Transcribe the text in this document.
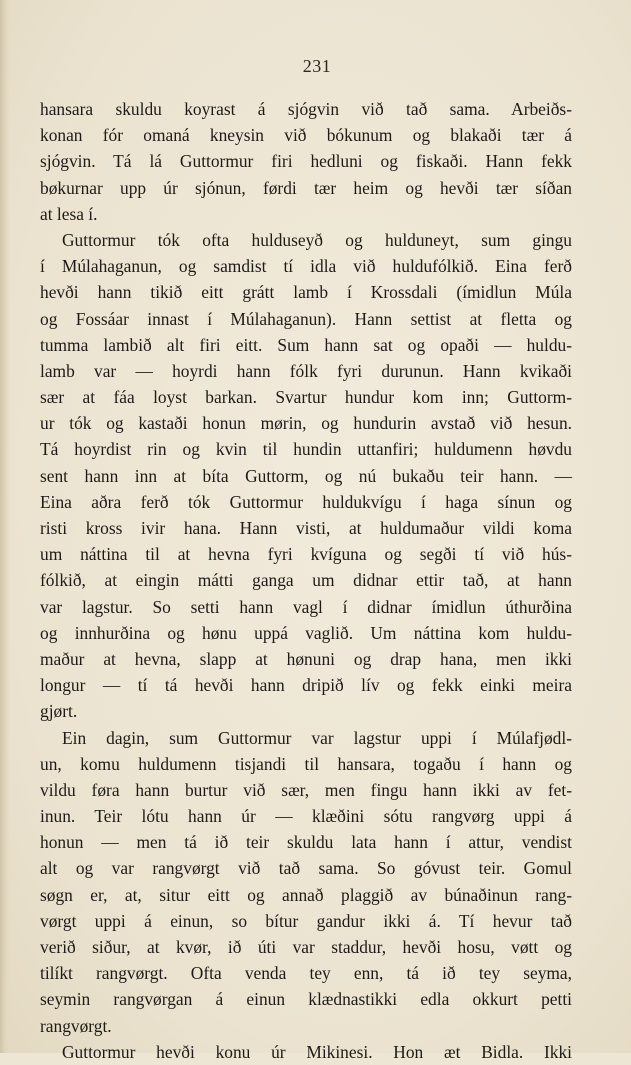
231
hansara skuldu koyrast á sjógvin við tað sama. Arbeiðs-
konan fór omaná kneysin við bókunum og blakaði tær á
sjógvin. Tá lá Guttormur firi hedluni og fiskaði. Hann fekk
bøkurnar upp úr sjónun, førdi tær heim og hevði tær síðan
at lesa í.
Guttormur tók ofta hulduseyð og hulduneyt, sum gingu
í Múlahaganun, og samdist tí idla við huldufólkið. Eina ferð
hevði hann tikið eitt grátt lamb í Krossdali (ímidlun Múla
og Fossáar innast í Múlahaganun). Hann settist at fletta og
tumma lambið alt firi eitt. Sum hann sat og opaði — huldu-
lamb var — hoyrdi hann fólk fyri durunun. Hann kvikaði
sær at fáa loyst barkan. Svartur hundur kom inn; Guttorm-
ur tók og kastaði honun mørin, og hundurin avstað við hesun.
Tá hoyrdist rin og kvin til hundin uttanfiri; huldumenn høvdu
sent hann inn at bíta Guttorm, og nú bukaðu teir hann. —
Eina aðra ferð tók Guttormur huldukvígu í haga sínun og
risti kross ivir hana. Hann visti, at huldumaður vildi koma
um náttina til at hevna fyri kvíguna og segði tí við hús-
fólkið, at eingin mátti ganga um didnar ettir tað, at hann
var lagstur. So setti hann vagl í didnar ímidlun úthurðina
og innhurðina og hønu uppá vaglið. Um náttina kom huldu-
maður at hevna, slapp at hønuni og drap hana, men ikki
longur — tí tá hevði hann dripið lív og fekk einki meira
gjørt.
Ein dagin, sum Guttormur var lagstur uppi í Múlafjødl-
un, komu huldumenn tisjandi til hansara, togaðu í hann og
vildu føra hann burtur við sær, men fingu hann ikki av fet-
inun. Teir lótu hann úr — klæðini sótu rangvørg uppi á
honun — men tá ið teir skuldu lata hann í attur, vendist
alt og var rangvørgt við tað sama. So góvust teir. Gomul
søgn er, at, situr eitt og annað plaggið av búnaðinun rang-
vørgt uppi á einun, so bítur gandur ikki á. Tí hevur tað
verið siður, at kvør, ið úti var staddur, hevði hosu, vøtt og
tilíkt rangvørgt. Ofta venda tey enn, tá ið tey seyma,
seymin rangvørgan á einun klædnastikki edla okkurt petti
rangvørgt.
Guttormur hevði konu úr Mikinesi. Hon æt Bidla. Ikki
